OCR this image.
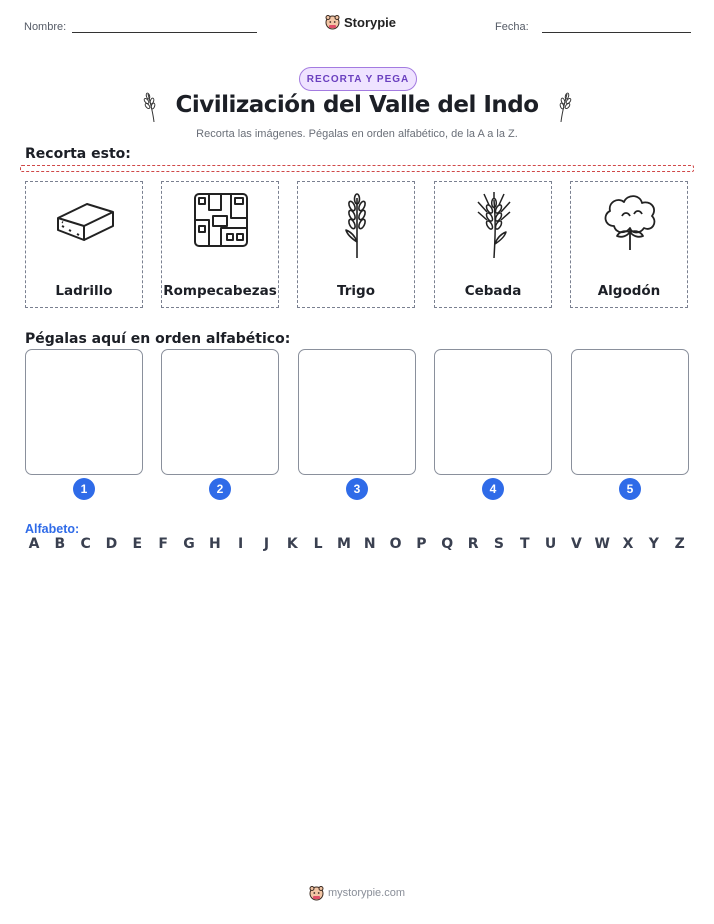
Nombre:	Storypie	Fecha:
RECORTA Y PEGA
Civilización del Valle del Indo
Recorta las imágenes. Pégalas en orden alfabético, de la A a la Z.
Recorta esto:
Ladrillo	Rompecabezas	Trigo	Cebada	Algodón
Pégalas aquí en orden alfabético:
1	2	3	4	5
Alfabeto:
A B C D	E	F	G H	I	J	K	L	M N O P Q R S	T	U V W X Y Z
mystorypie.com
